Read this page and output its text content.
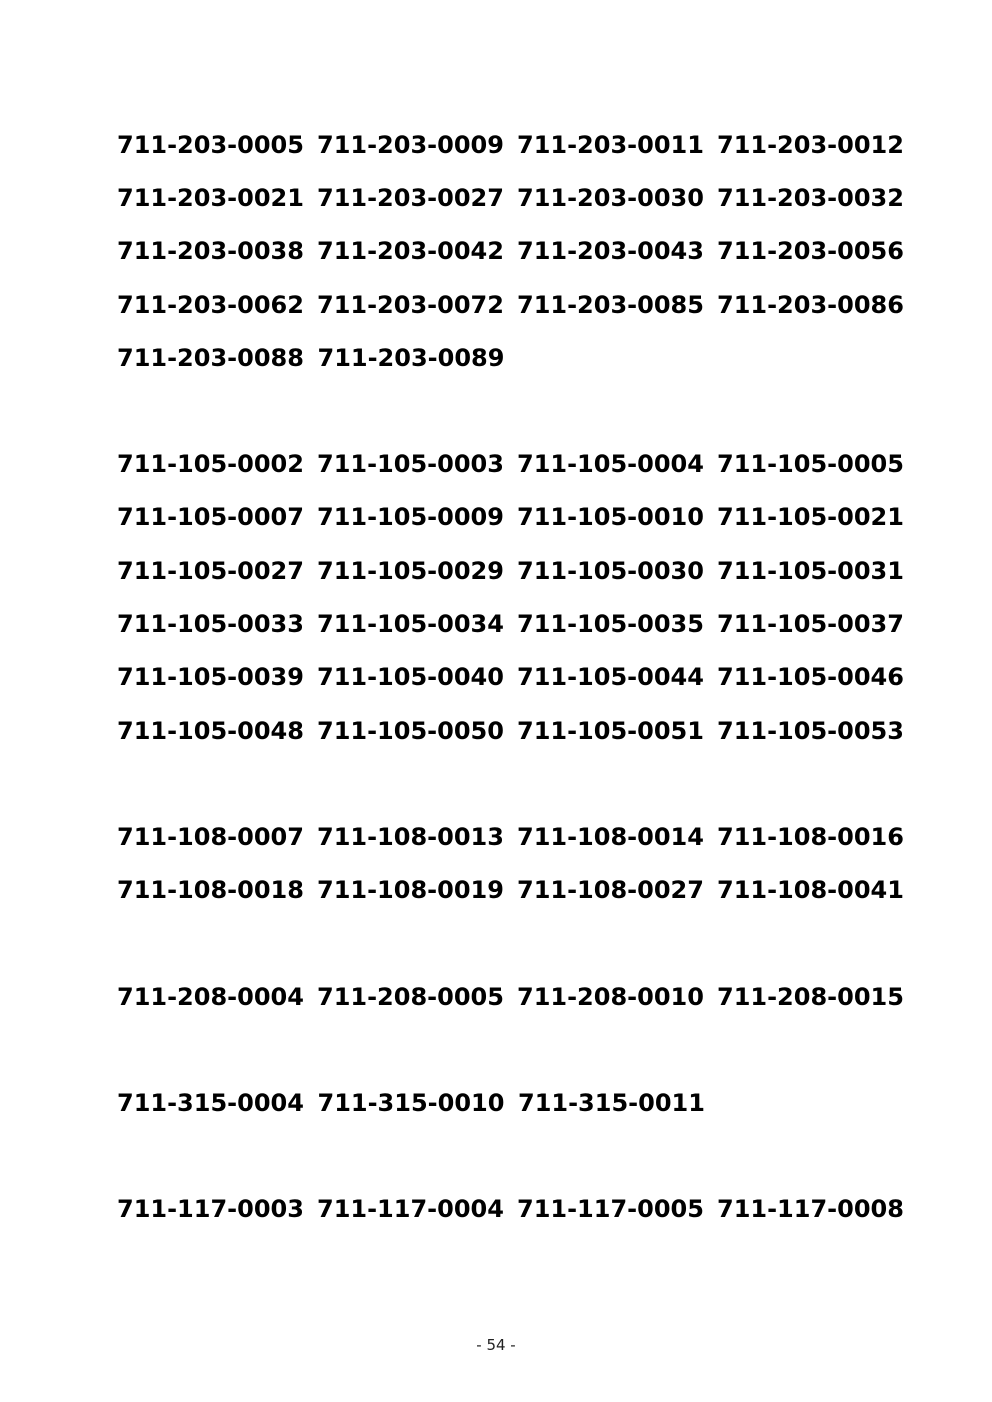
711-203-0005 711-203-0009 711-203-0011 711-203-0012
711-203-0021 711-203-0027 711-203-0030 711-203-0032
711-203-0038 711-203-0042 711-203-0043 711-203-0056
711-203-0062 711-203-0072 711-203-0085 711-203-0086
711-203-0088 711-203-0089
711-105-0002 711-105-0003 711-105-0004 711-105-0005
711-105-0007 711-105-0009 711-105-0010 711-105-0021
711-105-0027 711-105-0029 711-105-0030 711-105-0031
711-105-0033 711-105-0034 711-105-0035 711-105-0037
711-105-0039 711-105-0040 711-105-0044 711-105-0046
711-105-0048 711-105-0050 711-105-0051 711-105-0053
711-108-0007 711-108-0013 711-108-0014 711-108-0016
711-108-0018 711-108-0019 711-108-0027 711-108-0041
711-208-0004 711-208-0005 711-208-0010 711-208-0015
711-315-0004 711-315-0010 711-315-0011
711-117-0003 711-117-0004 711-117-0005 711-117-0008
- 54 -
